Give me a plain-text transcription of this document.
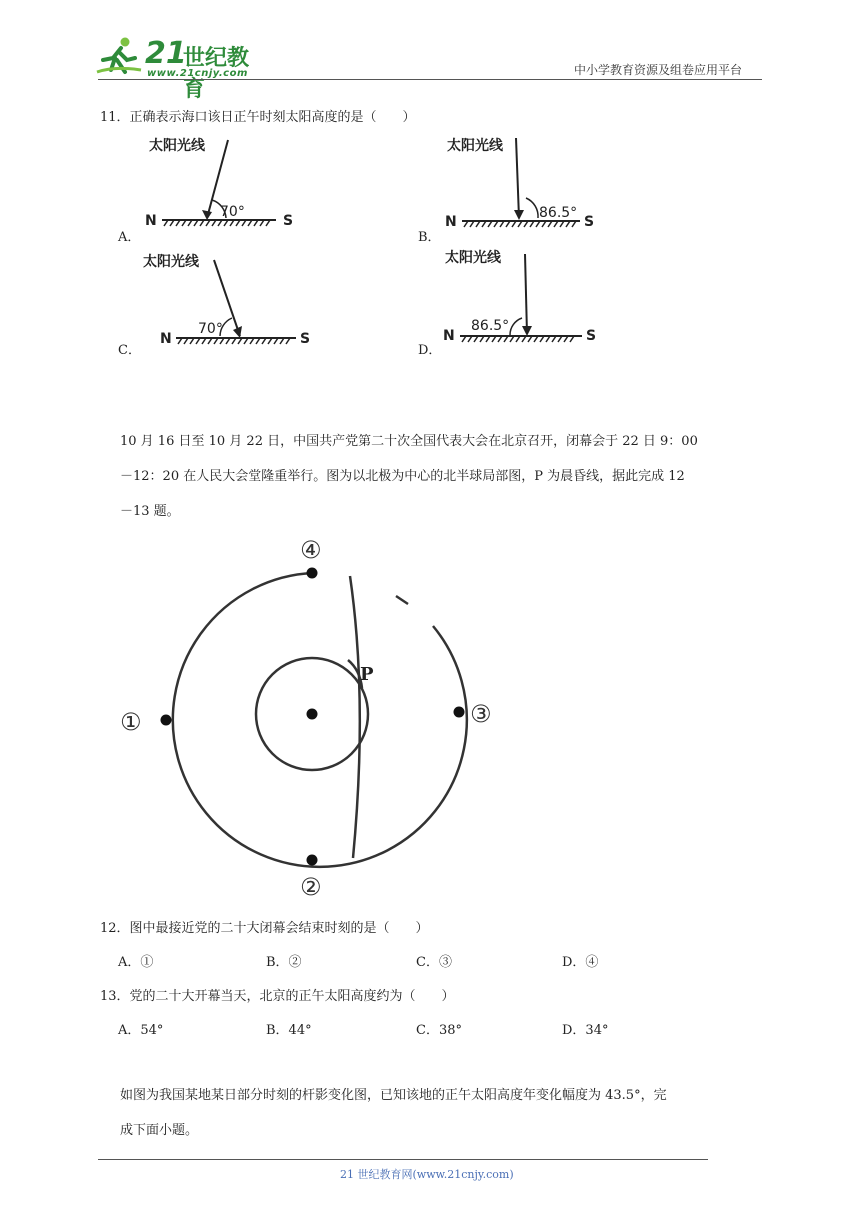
21
世纪教育
www.21cnjy.com	中小学教育资源及组卷应用平台
11．正确表示海口该日正午时刻太阳高度的是（　　）
A．
太阳光线
70°
N	S
B．
太阳光线
86.5°
N	S
C．
太阳光线
70°
N	S
D．
太阳光线
86.5°
N	S
10 月 16 日至 10 月 22 日，中国共产党第二十次全国代表大会在北京召开，闭幕会于 22 日 9：00
－12：20 在人民大会堂隆重举行。图为以北极为中心的北半球局部图，P 为晨昏线，据此完成 12
－13 题。
P
④
①	③
②
12．图中最接近党的二十大闭幕会结束时刻的是（　　）
A．①	B．②	C．③	D．④
13．党的二十大开幕当天，北京的正午太阳高度约为（　　）
A．54°	B．44°	C．38°	D．34°
如图为我国某地某日部分时刻的杆影变化图，已知该地的正午太阳高度年变化幅度为 43.5°，完
成下面小题。
21 世纪教育网(www.21cnjy.com)
